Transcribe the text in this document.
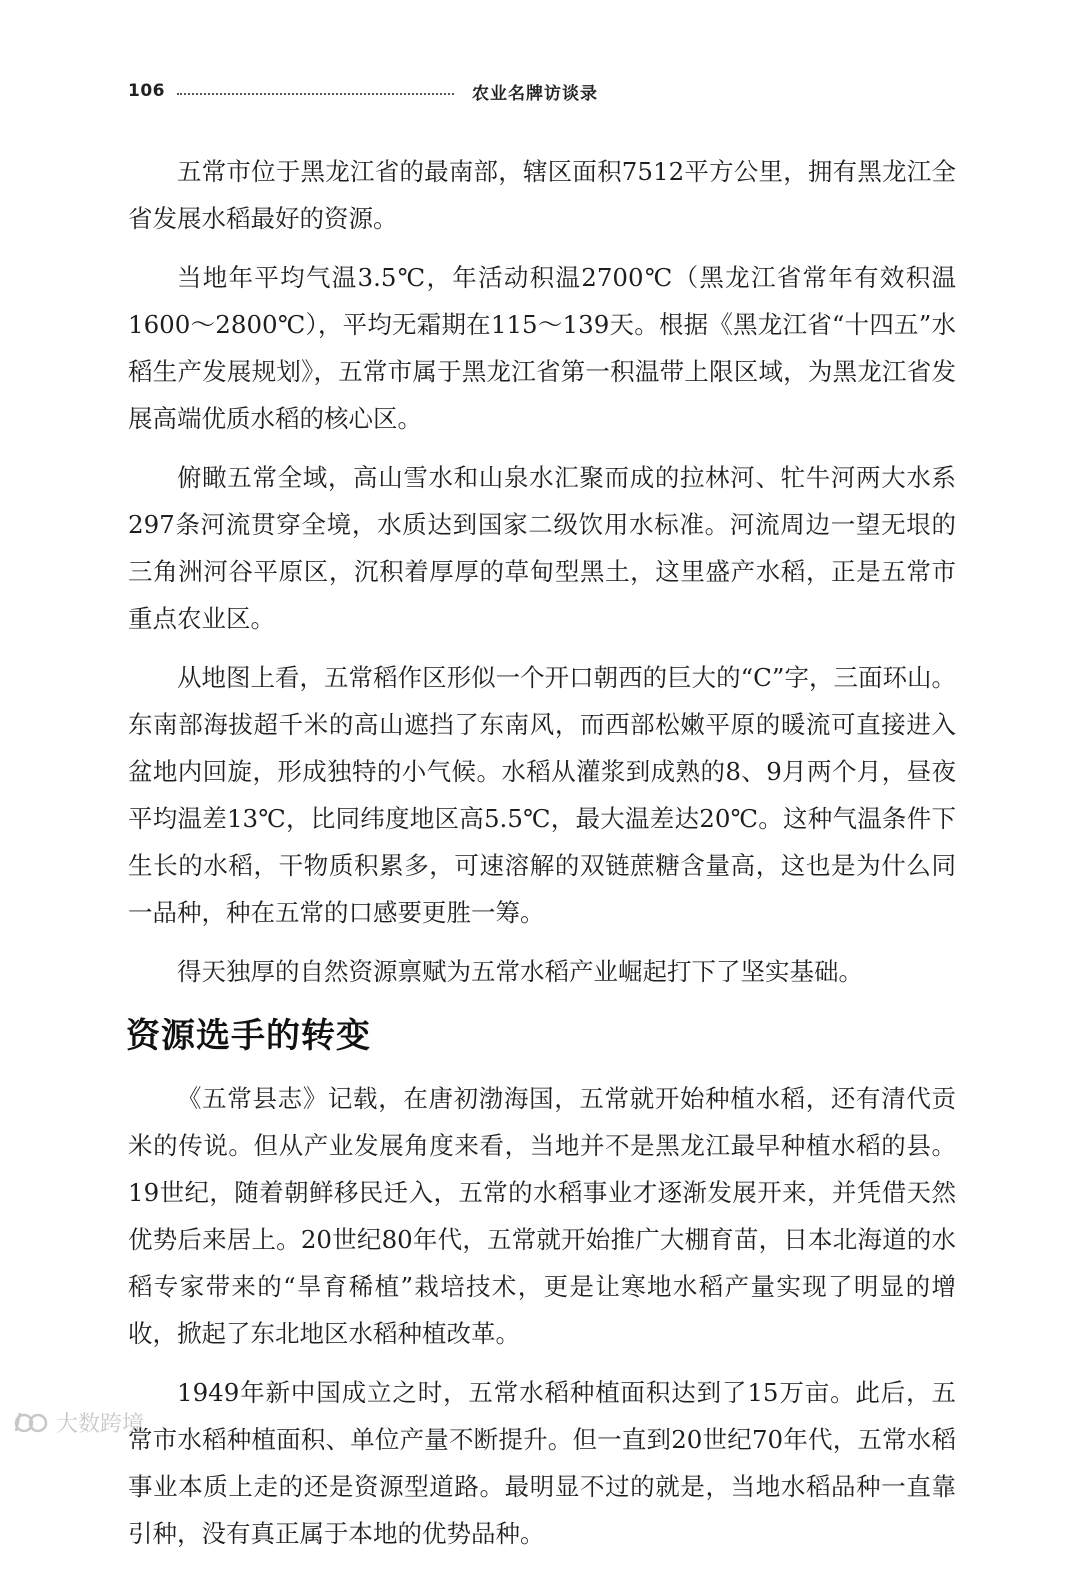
106	农业名牌访谈录

五常市位于黑龙江省的最南部，辖区面积7512平方公里，拥有黑龙江全省发展水稻最好的资源。

当地年平均气温3.5℃，年活动积温2700℃（黑龙江省常年有效积温1600～2800℃），平均无霜期在115～139天。根据《黑龙江省“十四五”水稻生产发展规划》，五常市属于黑龙江省第一积温带上限区域，为黑龙江省发展高端优质水稻的核心区。

俯瞰五常全域，高山雪水和山泉水汇聚而成的拉林河、牤牛河两大水系297条河流贯穿全境，水质达到国家二级饮用水标准。河流周边一望无垠的三角洲河谷平原区，沉积着厚厚的草甸型黑土，这里盛产水稻，正是五常市重点农业区。

从地图上看，五常稻作区形似一个开口朝西的巨大的“C”字，三面环山。东南部海拔超千米的高山遮挡了东南风，而西部松嫩平原的暖流可直接进入盆地内回旋，形成独特的小气候。水稻从灌浆到成熟的8、9月两个月，昼夜平均温差13℃，比同纬度地区高5.5℃，最大温差达20℃。这种气温条件下生长的水稻，干物质积累多，可速溶解的双链蔗糖含量高，这也是为什么同一品种，种在五常的口感要更胜一筹。

得天独厚的自然资源禀赋为五常水稻产业崛起打下了坚实基础。

资源选手的转变

《五常县志》记载，在唐初渤海国，五常就开始种植水稻，还有清代贡米的传说。但从产业发展角度来看，当地并不是黑龙江最早种植水稻的县。19世纪，随着朝鲜移民迁入，五常的水稻事业才逐渐发展开来，并凭借天然优势后来居上。20世纪80年代，五常就开始推广大棚育苗，日本北海道的水稻专家带来的“旱育稀植”栽培技术，更是让寒地水稻产量实现了明显的增收，掀起了东北地区水稻种植改革。

1949年新中国成立之时，五常水稻种植面积达到了15万亩。此后，五常市水稻种植面积、单位产量不断提升。但一直到20世纪70年代，五常水稻事业本质上走的还是资源型道路。最明显不过的就是，当地水稻品种一直靠引种，没有真正属于本地的优势品种。

大数跨境
